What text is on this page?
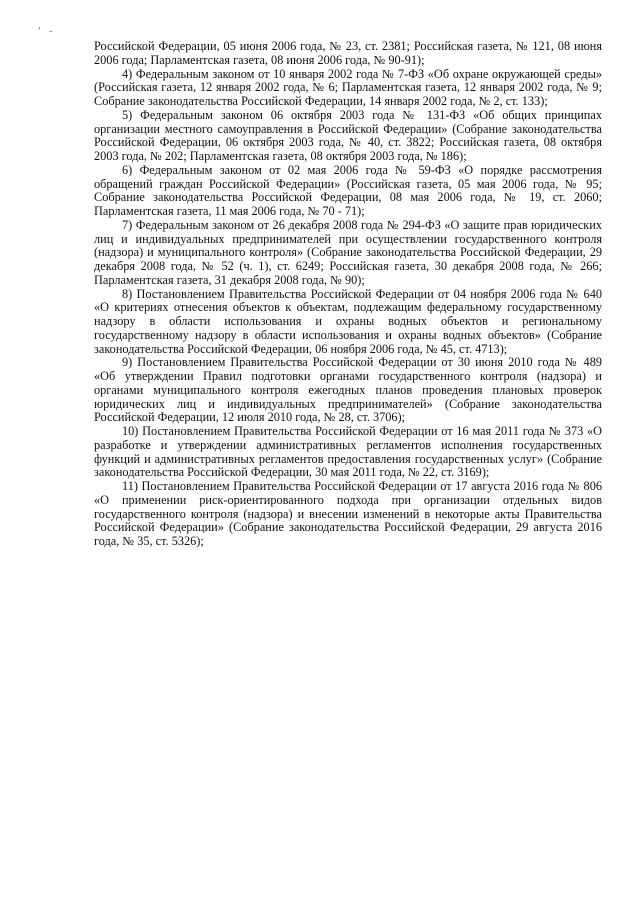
' -

Российской Федерации, 05 июня 2006 года, № 23, ст. 2381; Российская газета, № 121, 08 июня 2006 года; Парламентская газета, 08 июня 2006 года, № 90-91);

4) Федеральным законом от 10 января 2002 года № 7-ФЗ «Об охране окружающей среды» (Российская газета, 12 января 2002 года, № 6; Парламентская газета, 12 января 2002 года, № 9; Собрание законодательства Российской Федерации, 14 января 2002 года, № 2, ст. 133);

5) Федеральным законом 06 октября 2003 года № 131-ФЗ «Об общих принципах организации местного самоуправления в Российской Федерации» (Собрание законодательства Российской Федерации, 06 октября 2003 года, № 40, ст. 3822; Российская газета, 08 октября 2003 года, № 202; Парламентская газета, 08 октября 2003 года, № 186);

6) Федеральным законом от 02 мая 2006 года № 59-ФЗ «О порядке рассмотрения обращений граждан Российской Федерации» (Российская газета, 05 мая 2006 года, № 95; Собрание законодательства Российской Федерации, 08 мая 2006 года, № 19, ст. 2060; Парламентская газета, 11 мая 2006 года, № 70 - 71);

7) Федеральным законом от 26 декабря 2008 года № 294-ФЗ «О защите прав юридических лиц и индивидуальных предпринимателей при осуществлении государственного контроля (надзора) и муниципального контроля» (Собрание законодательства Российской Федерации, 29 декабря 2008 года, № 52 (ч. 1), ст. 6249; Российская газета, 30 декабря 2008 года, № 266; Парламентская газета, 31 декабря 2008 года, № 90);

8) Постановлением Правительства Российской Федерации от 04 ноября 2006 года № 640 «О критериях отнесения объектов к объектам, подлежащим федеральному государственному надзору в области использования и охраны водных объектов и региональному государственному надзору в области использования и охраны водных объектов» (Собрание законодательства Российской Федерации, 06 ноября 2006 года, № 45, ст. 4713);

9) Постановлением Правительства Российской Федерации от 30 июня 2010 года № 489 «Об утверждении Правил подготовки органами государственного контроля (надзора) и органами муниципального контроля ежегодных планов проведения плановых проверок юридических лиц и индивидуальных предпринимателей» (Собрание законодательства Российской Федерации, 12 июля 2010 года, № 28, ст. 3706);

10) Постановлением Правительства Российской Федерации от 16 мая 2011 года № 373 «О разработке и утверждении административных регламентов исполнения государственных функций и административных регламентов предоставления государственных услуг» (Собрание законодательства Российской Федерации, 30 мая 2011 года, № 22, ст. 3169);

11) Постановлением Правительства Российской Федерации от 17 августа 2016 года № 806 «О применении риск-ориентированного подхода при организации отдельных видов государственного контроля (надзора) и внесении изменений в некоторые акты Правительства Российской Федерации» (Собрание законодательства Российской Федерации, 29 августа 2016 года, № 35, ст. 5326);
